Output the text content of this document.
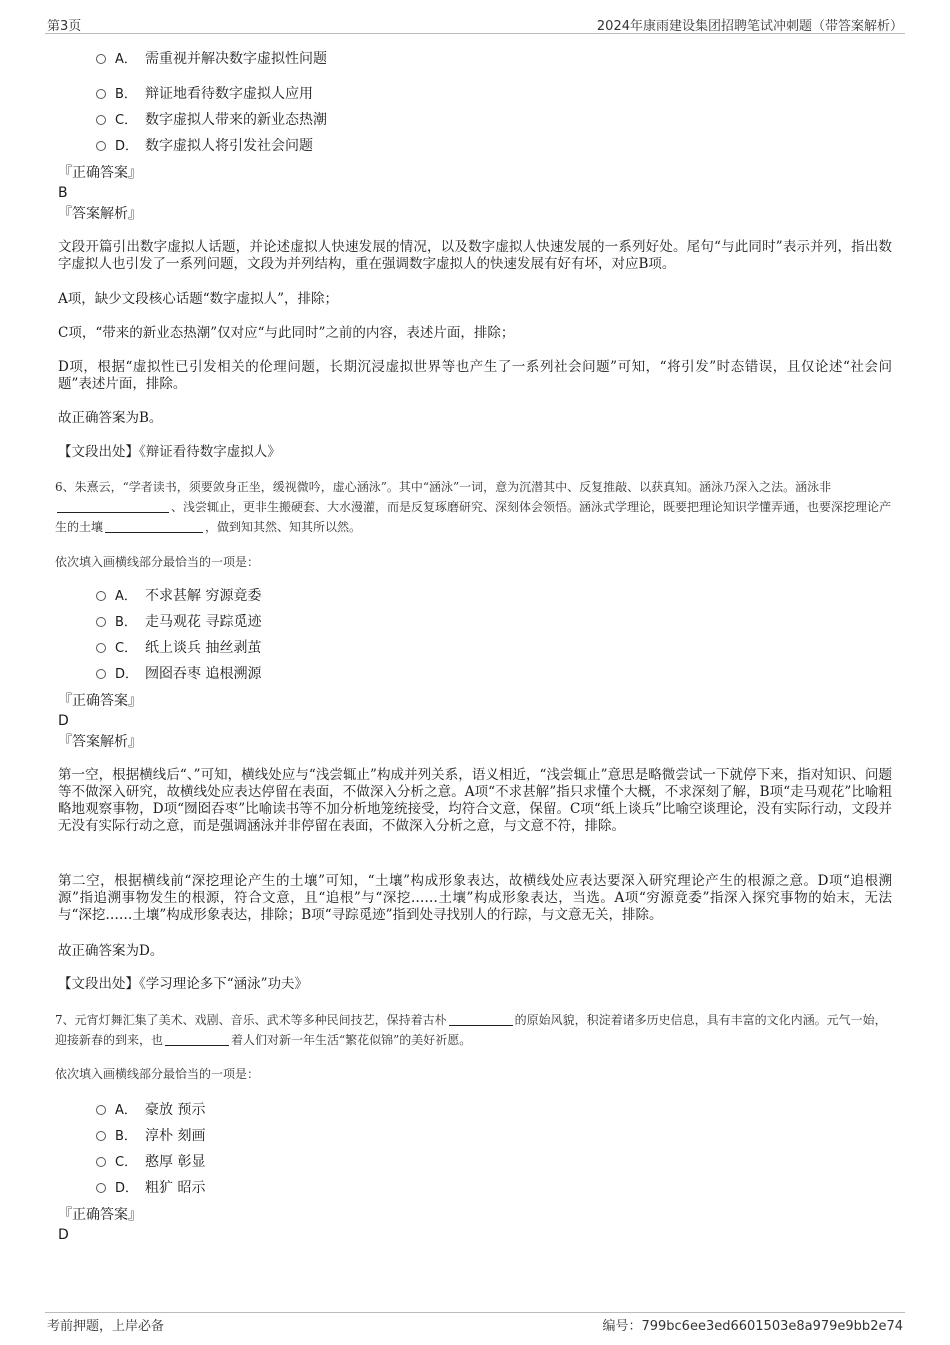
第3页	2024年康雨建设集团招聘笔试冲刺题（带答案解析）
A． 需重视并解决数字虚拟性问题
B． 辩证地看待数字虚拟人应用
C． 数字虚拟人带来的新业态热潮
D． 数字虚拟人将引发社会问题
『正确答案』
B
『答案解析』
文段开篇引出数字虚拟人话题，并论述虚拟人快速发展的情况，以及数字虚拟人快速发展的一系列好处。尾句“与此同时”表示并列，指出数字虚拟人也引发了一系列问题，文段为并列结构，重在强调数字虚拟人的快速发展有好有坏，对应B项。
A项，缺少文段核心话题“数字虚拟人”，排除；
C项，“带来的新业态热潮”仅对应“与此同时”之前的内容，表述片面，排除；
D项，根据“虚拟性已引发相关的伦理问题，长期沉浸虚拟世界等也产生了一系列社会问题”可知，“将引发”时态错误，且仅论述“社会问题”表述片面，排除。
故正确答案为B。
【文段出处】《辩证看待数字虚拟人》
6、朱熹云，“学者读书，须要敛身正坐，缓视微吟，虚心涵泳”。其中“涵泳”一词，意为沉潜其中、反复推敲、以获真知。涵泳乃深入之法。涵泳非、浅尝辄止，更非生搬硬套、大水漫灌，而是反复琢磨研究、深刻体会领悟。涵泳式学理论，既要把理论知识学懂弄通，也要深挖理论产生的土壤	，做到知其然、知其所以然。
依次填入画横线部分最恰当的一项是：
A． 不求甚解 穷源竟委
B． 走马观花 寻踪觅迹
C． 纸上谈兵 抽丝剥茧
D． 囫囵吞枣 追根溯源
『正确答案』
D
『答案解析』
第一空，根据横线后“、”可知，横线处应与“浅尝辄止”构成并列关系，语义相近，“浅尝辄止”意思是略微尝试一下就停下来，指对知识、问题等不做深入研究，故横线处应表达停留在表面，不做深入分析之意。A项“不求甚解”指只求懂个大概，不求深刻了解，B项“走马观花”比喻粗略地观察事物，D项“囫囵吞枣”比喻读书等不加分析地笼统接受，均符合文意，保留。C项“纸上谈兵”比喻空谈理论，没有实际行动，文段并无没有实际行动之意，而是强调涵泳并非停留在表面，不做深入分析之意，与文意不符，排除。
第二空，根据横线前“深挖理论产生的土壤”可知，“土壤”构成形象表达，故横线处应表达要深入研究理论产生的根源之意。D项“追根溯源”指追溯事物发生的根源，符合文意，且“追根”与“深挖……土壤”构成形象表达，当选。A项“穷源竟委”指深入探究事物的始末，无法与“深挖……土壤”构成形象表达，排除；B项“寻踪觅迹”指到处寻找别人的行踪，与文意无关，排除。
故正确答案为D。
【文段出处】《学习理论多下“涵泳”功夫》
7、元宵灯舞汇集了美术、戏剧、音乐、武术等多种民间技艺，保持着古朴	的原始风貌，积淀着诸多历史信息，具有丰富的文化内涵。元气一始，迎接新春的到来，也	着人们对新一年生活“繁花似锦”的美好祈愿。
依次填入画横线部分最恰当的一项是：
A． 豪放 预示
B． 淳朴 刻画
C． 憨厚 彰显
D． 粗犷 昭示
『正确答案』
D
考前押题，上岸必备	编号：799bc6ee3ed6601503e8a979e9bb2e74
